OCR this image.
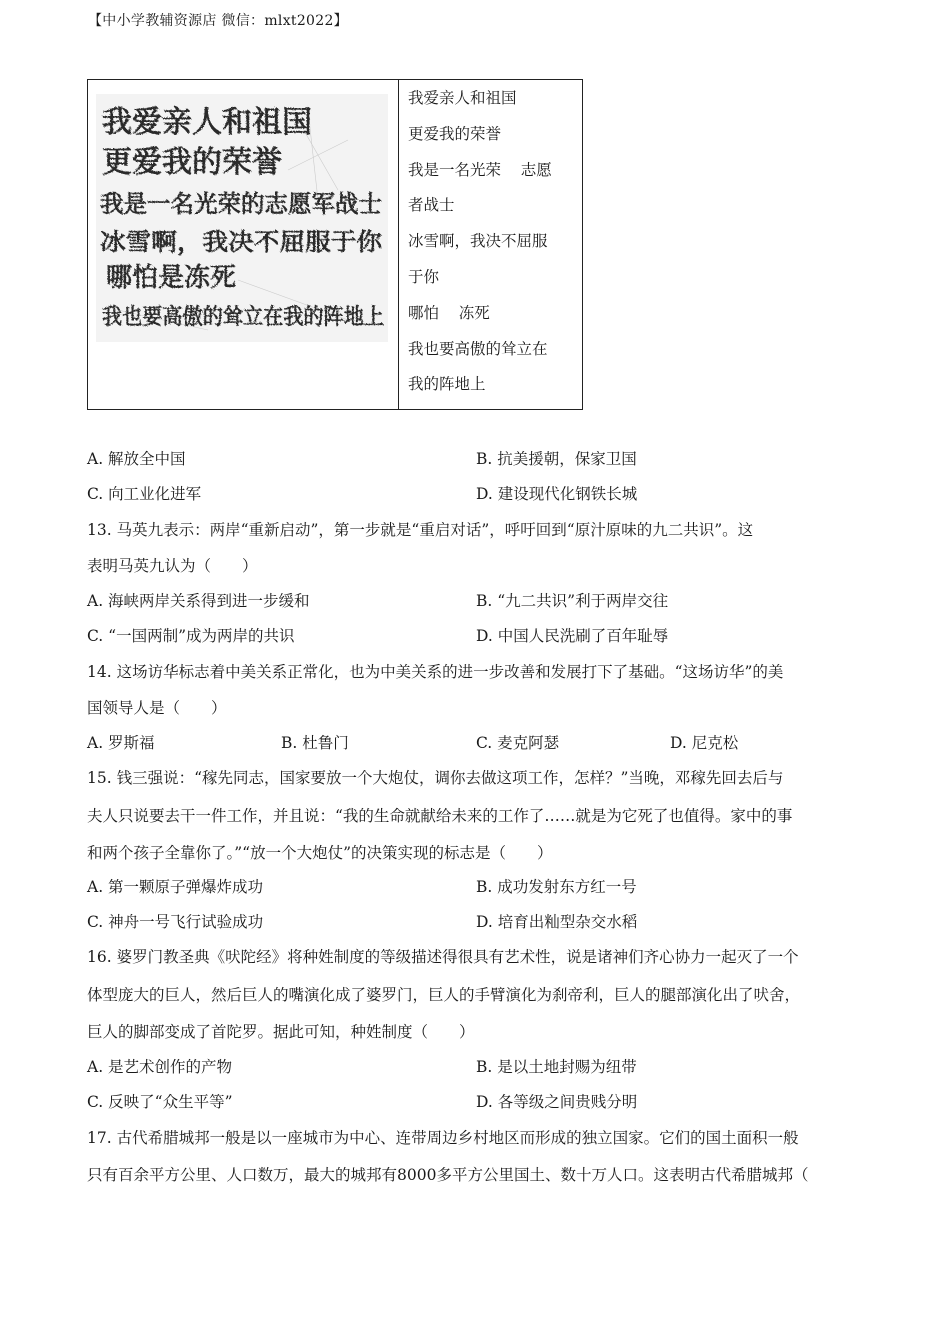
【中小学教辅资源店 微信：mlxt2022】
我爱亲人和祖国
更爱我的荣誉
我是一名光荣的志愿军战士
冰雪啊，我决不屈服于你
哪怕是冻死
我也要高傲的耸立在我的阵地上
我爱亲人和祖国
更爱我的荣誉
我是一名光荣    志愿
者战士
冰雪啊，我决不屈服
于你
哪怕    冻死
我也要高傲的耸立在
我的阵地上
A. 解放全中国	B. 抗美援朝，保家卫国
C. 向工业化进军	D. 建设现代化钢铁长城
13. 马英九表示：两岸“重新启动”，第一步就是“重启对话”，呼吁回到“原汁原味的九二共识”。这
表明马英九认为（　　）
A. 海峡两岸关系得到进一步缓和	B. “九二共识”利于两岸交往
C. “一国两制”成为两岸的共识	D. 中国人民洗刷了百年耻辱
14. 这场访华标志着中美关系正常化，也为中美关系的进一步改善和发展打下了基础。“这场访华”的美
国领导人是（　　）
A. 罗斯福	B. 杜鲁门	C. 麦克阿瑟	D. 尼克松
15. 钱三强说：“稼先同志，国家要放一个大炮仗，调你去做这项工作，怎样？”当晚，邓稼先回去后与
夫人只说要去干一件工作，并且说：“我的生命就献给未来的工作了……就是为它死了也值得。家中的事
和两个孩子全靠你了。”“放一个大炮仗”的决策实现的标志是（　　）
A. 第一颗原子弹爆炸成功	B. 成功发射东方红一号
C. 神舟一号飞行试验成功	D. 培育出籼型杂交水稻
16. 婆罗门教圣典《吠陀经》将种姓制度的等级描述得很具有艺术性，说是诸神们齐心协力一起灭了一个
体型庞大的巨人，然后巨人的嘴演化成了婆罗门，巨人的手臂演化为刹帝利，巨人的腿部演化出了吠舍，
巨人的脚部变成了首陀罗。据此可知，种姓制度（　　）
A. 是艺术创作的产物	B. 是以土地封赐为纽带
C. 反映了“众生平等”	D. 各等级之间贵贱分明
17. 古代希腊城邦一般是以一座城市为中心、连带周边乡村地区而形成的独立国家。它们的国土面积一般
只有百余平方公里、人口数万，最大的城邦有8000多平方公里国土、数十万人口。这表明古代希腊城邦（
